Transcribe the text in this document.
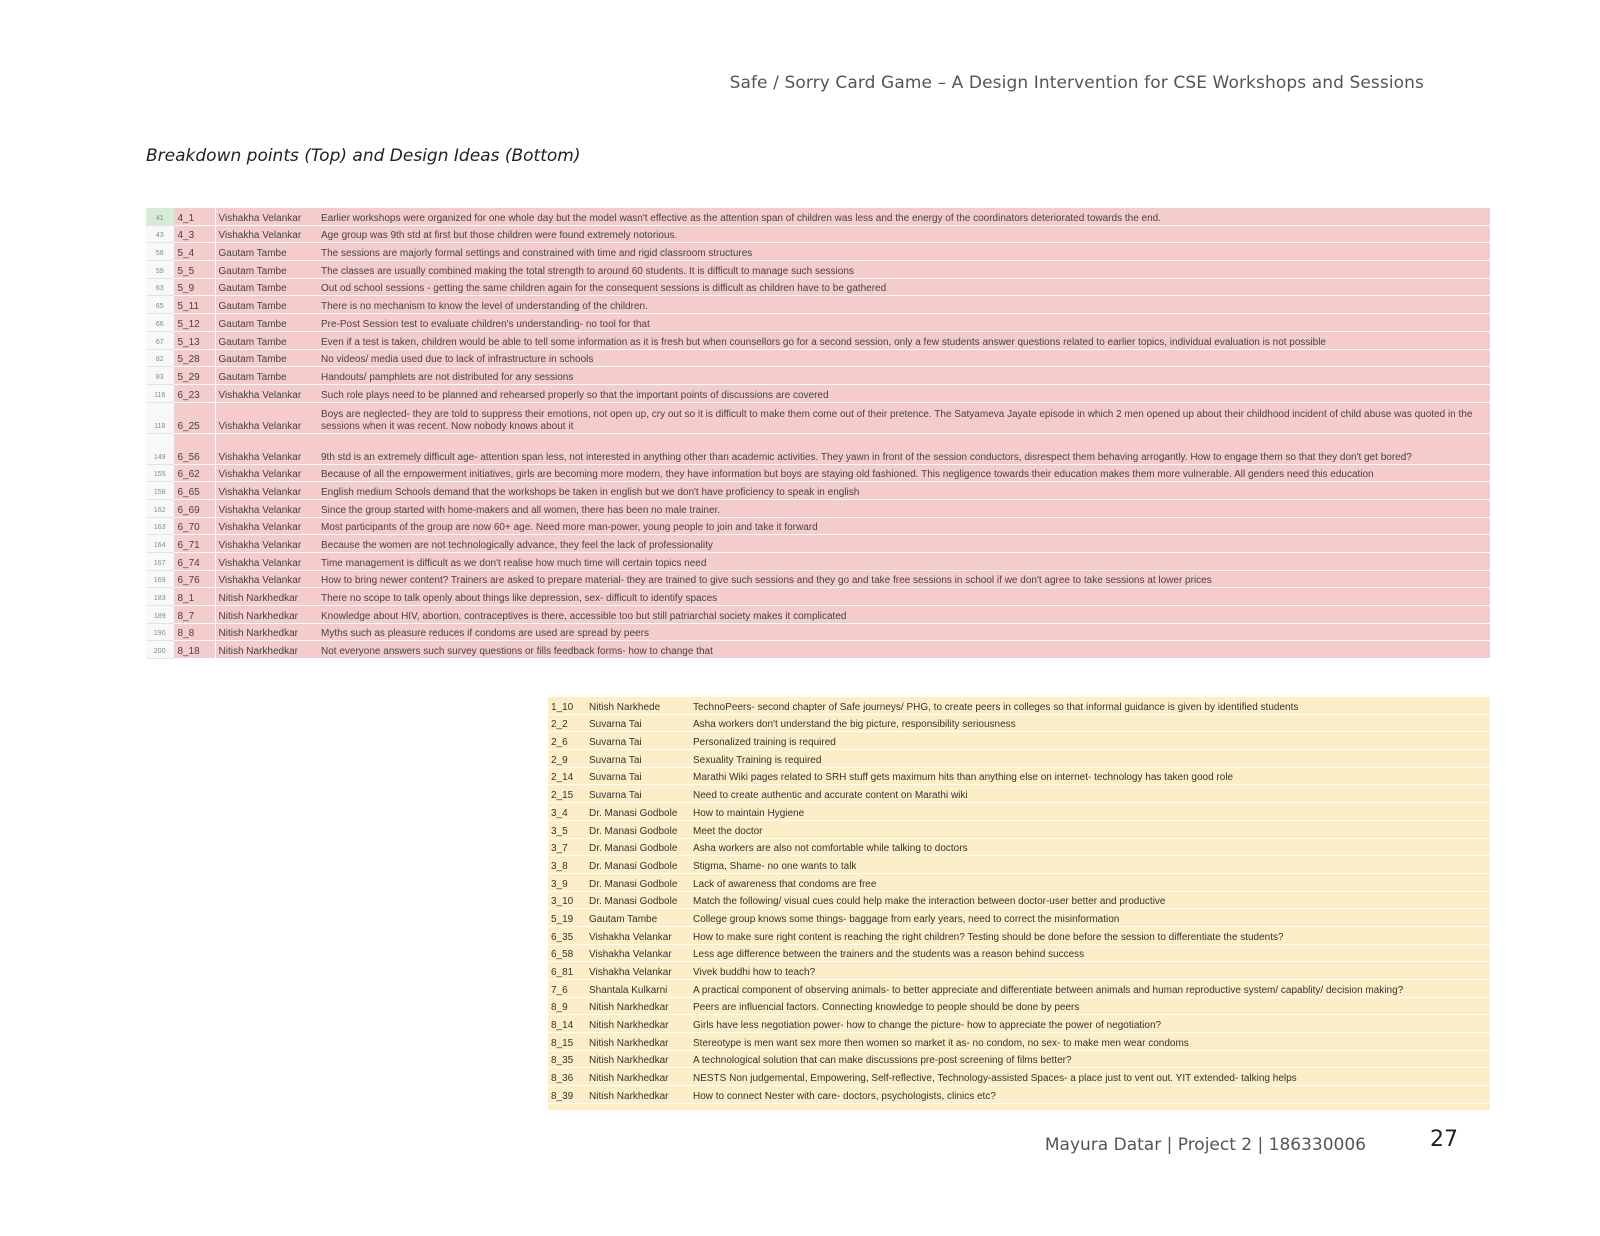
Safe / Sorry Card Game – A Design Intervention for CSE Workshops and Sessions
Breakdown points (Top) and Design Ideas (Bottom)
41	4_1	Vishakha Velankar	Earlier workshops were organized for one whole day but the model wasn't effective as the attention span of children was less and the energy of the coordinators deteriorated towards the end.
43	4_3	Vishakha Velankar	Age group was 9th std at first but those children were found extremely notorious.
58	5_4	Gautam Tambe	The sessions are majorly formal settings and constrained with time and rigid classroom structures
59	5_5	Gautam Tambe	The classes are usually combined making the total strength to around 60 students. It is difficult to manage such sessions
63	5_9	Gautam Tambe	Out od school sessions - getting the same children again for the consequent sessions is difficult as children have to be gathered
65	5_11	Gautam Tambe	There is no mechanism to know the level of understanding of the children.
66	5_12	Gautam Tambe	Pre-Post Session test to evaluate children's understanding- no tool for that
67	5_13	Gautam Tambe	Even if a test is taken, children would be able to tell some information as it is fresh but when counsellors go for a second session, only a few students answer questions related to earlier topics, individual evaluation is not possible
82	5_28	Gautam Tambe	No videos/ media used due to lack of infrastructure in schools
83	5_29	Gautam Tambe	Handouts/ pamphlets are not distributed for any sessions
116	6_23	Vishakha Velankar	Such role plays need to be planned and rehearsed properly so that the important points of discussions are covered
118	6_25	Vishakha Velankar	Boys are neglected- they are told to suppress their emotions, not open up, cry out so it is difficult to make them come out of their pretence. The Satyameva Jayate episode in which 2 men opened up about their childhood incident of child abuse was quoted in the sessions when it was recent. Now nobody knows about it
149	6_56	Vishakha Velankar	9th std is an extremely difficult age- attention span less, not interested in anything other than academic activities. They yawn in front of the session conductors, disrespect them behaving arrogantly. How to engage them so that they don't get bored?
155	6_62	Vishakha Velankar	Because of all the empowerment initiatives, girls are becoming more modern, they have information but boys are staying old fashioned. This negligence towards their education makes them more vulnerable. All genders need this education
158	6_65	Vishakha Velankar	English medium Schools demand that the workshops be taken in english but we don't have proficiency to speak in english
162	6_69	Vishakha Velankar	Since the group started with home-makers and all women, there has been no male trainer.
163	6_70	Vishakha Velankar	Most participants of the group are now 60+ age. Need more man-power, young people to join and take it forward
164	6_71	Vishakha Velankar	Because the women are not technologically advance, they feel the lack of professionality
167	6_74	Vishakha Velankar	Time management is difficult as we don't realise how much time will certain topics need
169	6_76	Vishakha Velankar	How to bring newer content? Trainers are asked to prepare material- they are trained to give such sessions and they go and take free sessions in school if we don't agree to take sessions at lower prices
183	8_1	Nitish Narkhedkar	There no scope to talk openly about things like depression, sex- difficult to identify spaces
189	8_7	Nitish Narkhedkar	Knowledge about HIV, abortion, contraceptives is there, accessible too but still patriarchal society makes it complicated
190	8_8	Nitish Narkhedkar	Myths such as pleasure reduces if condoms are used are spread by peers
200	8_18	Nitish Narkhedkar	Not everyone answers such survey questions or fills feedback forms- how to change that
1_10	Nitish Narkhede	TechnoPeers- second chapter of Safe journeys/ PHG, to create peers in colleges so that informal guidance is given by identified students
2_2	Suvarna Tai	Asha workers don't understand the big picture, responsibility seriousness
2_6	Suvarna Tai	Personalized training is required
2_9	Suvarna Tai	Sexuality Training is required
2_14	Suvarna Tai	Marathi Wiki pages related to SRH stuff gets maximum hits than anything else on internet- technology has taken good role
2_15	Suvarna Tai	Need to create authentic and accurate content on Marathi wiki
3_4	Dr. Manasi Godbole	How to maintain Hygiene
3_5	Dr. Manasi Godbole	Meet the doctor
3_7	Dr. Manasi Godbole	Asha workers are also not comfortable while talking to doctors
3_8	Dr. Manasi Godbole	Stigma, Shame- no one wants to talk
3_9	Dr. Manasi Godbole	Lack of awareness that condoms are free
3_10	Dr. Manasi Godbole	Match the following/ visual cues could help make the interaction between doctor-user better and productive
5_19	Gautam Tambe	College group knows some things- baggage from early years, need to correct the misinformation
6_35	Vishakha Velankar	How to make sure right content is reaching the right children? Testing should be done before the session to differentiate the students?
6_58	Vishakha Velankar	Less age difference between the trainers and the students was a reason behind success
6_81	Vishakha Velankar	Vivek buddhi how to teach?
7_6	Shantala Kulkarni	A practical component of observing animals- to better appreciate and differentiate between animals and human reproductive system/ capablity/ decision making?
8_9	Nitish Narkhedkar	Peers are influencial factors. Connecting knowledge to people should be done by peers
8_14	Nitish Narkhedkar	Girls have less negotiation power- how to change the picture- how to appreciate the power of negotiation?
8_15	Nitish Narkhedkar	Stereotype is men want sex more then women so market it as- no condom, no sex- to make men wear condoms
8_35	Nitish Narkhedkar	A technological solution that can make discussions pre-post screening of films better?
8_36	Nitish Narkhedkar	NESTS Non judgemental, Empowering, Self-reflective, Technology-assisted Spaces- a place just to vent out. YIT extended- talking helps
8_39	Nitish Narkhedkar	How to connect Nester with care- doctors, psychologists, clinics etc?

Mayura Datar | Project 2 | 186330006	27
